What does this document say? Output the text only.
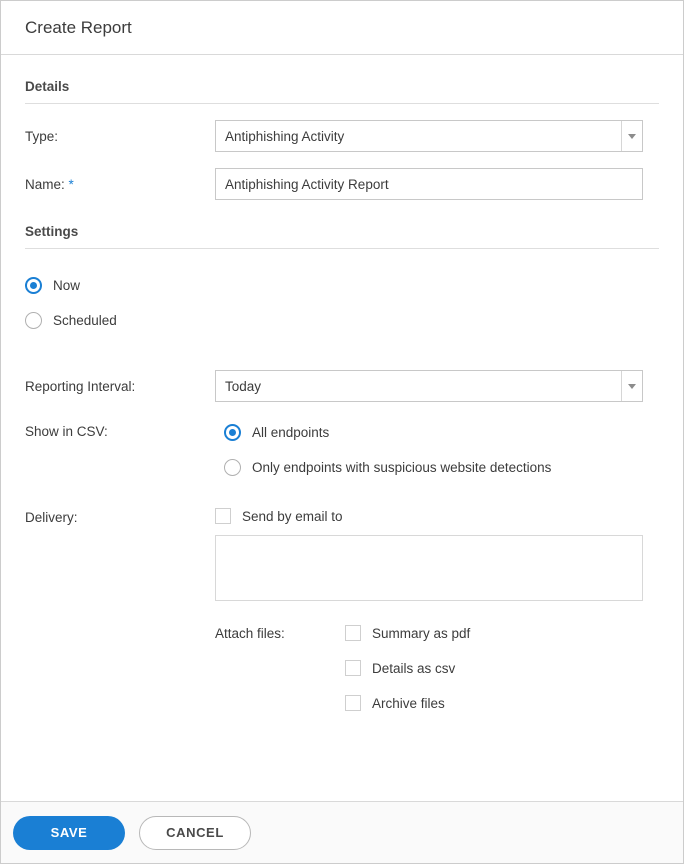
Create Report
Details
Type:	Antiphishing Activity
Name: *
Antiphishing Activity Report
Settings
Now
Scheduled
Reporting Interval:	Today
Show in CSV:	All endpoints
Only endpoints with suspicious website detections
Delivery:	Send by email to
Attach files:	Summary as pdf
Details as csv
Archive files
SAVE	CANCEL
